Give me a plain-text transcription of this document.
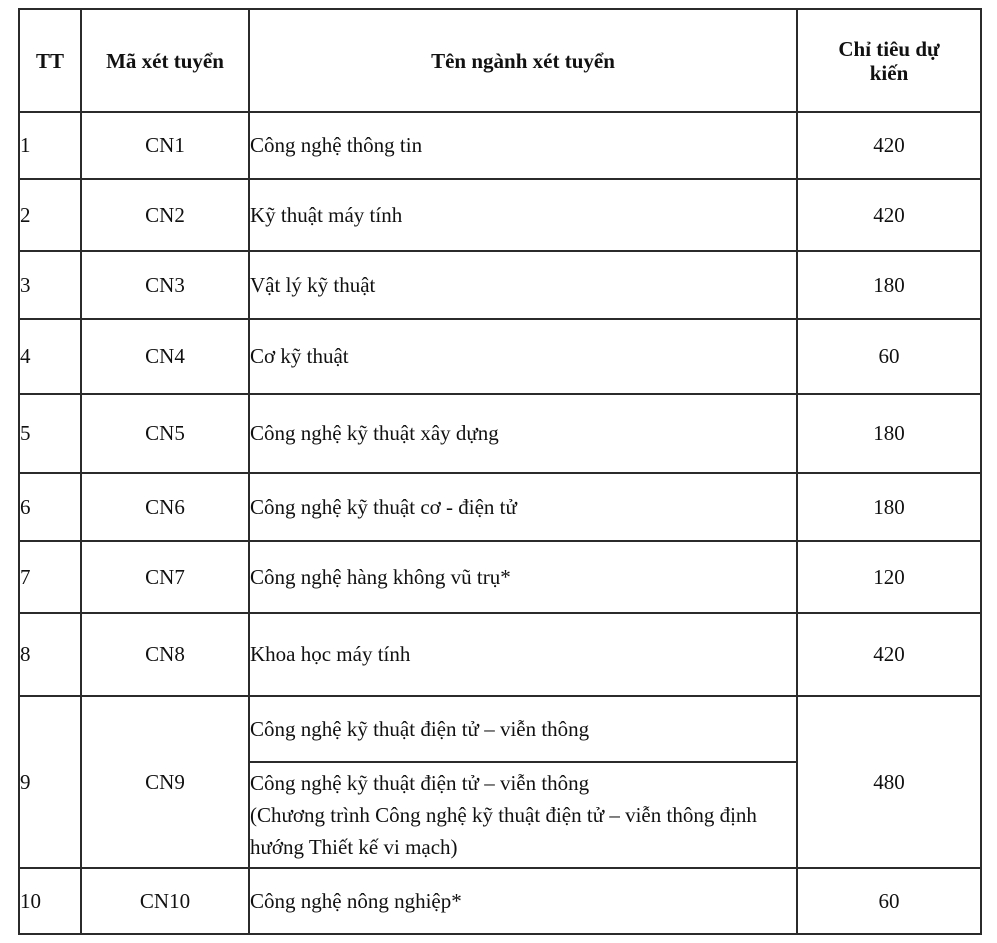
TT	Mã xét tuyển	Tên ngành xét tuyển	Chỉ tiêu dự kiến
1	CN1	Công nghệ thông tin	420
2	CN2	Kỹ thuật máy tính	420
3	CN3	Vật lý kỹ thuật	180
4	CN4	Cơ kỹ thuật	60
5	CN5	Công nghệ kỹ thuật xây dựng	180
6	CN6	Công nghệ kỹ thuật cơ - điện tử	180
7	CN7	Công nghệ hàng không vũ trụ*	120
8	CN8	Khoa học máy tính	420
9	CN9	Công nghệ kỹ thuật điện tử – viễn thông	480

		Công nghệ kỹ thuật điện tử – viễn thông
(Chương trình Công nghệ kỹ thuật điện tử – viễn thông định hướng Thiết kế vi mạch)	

10	CN10	Công nghệ nông nghiệp*	60
